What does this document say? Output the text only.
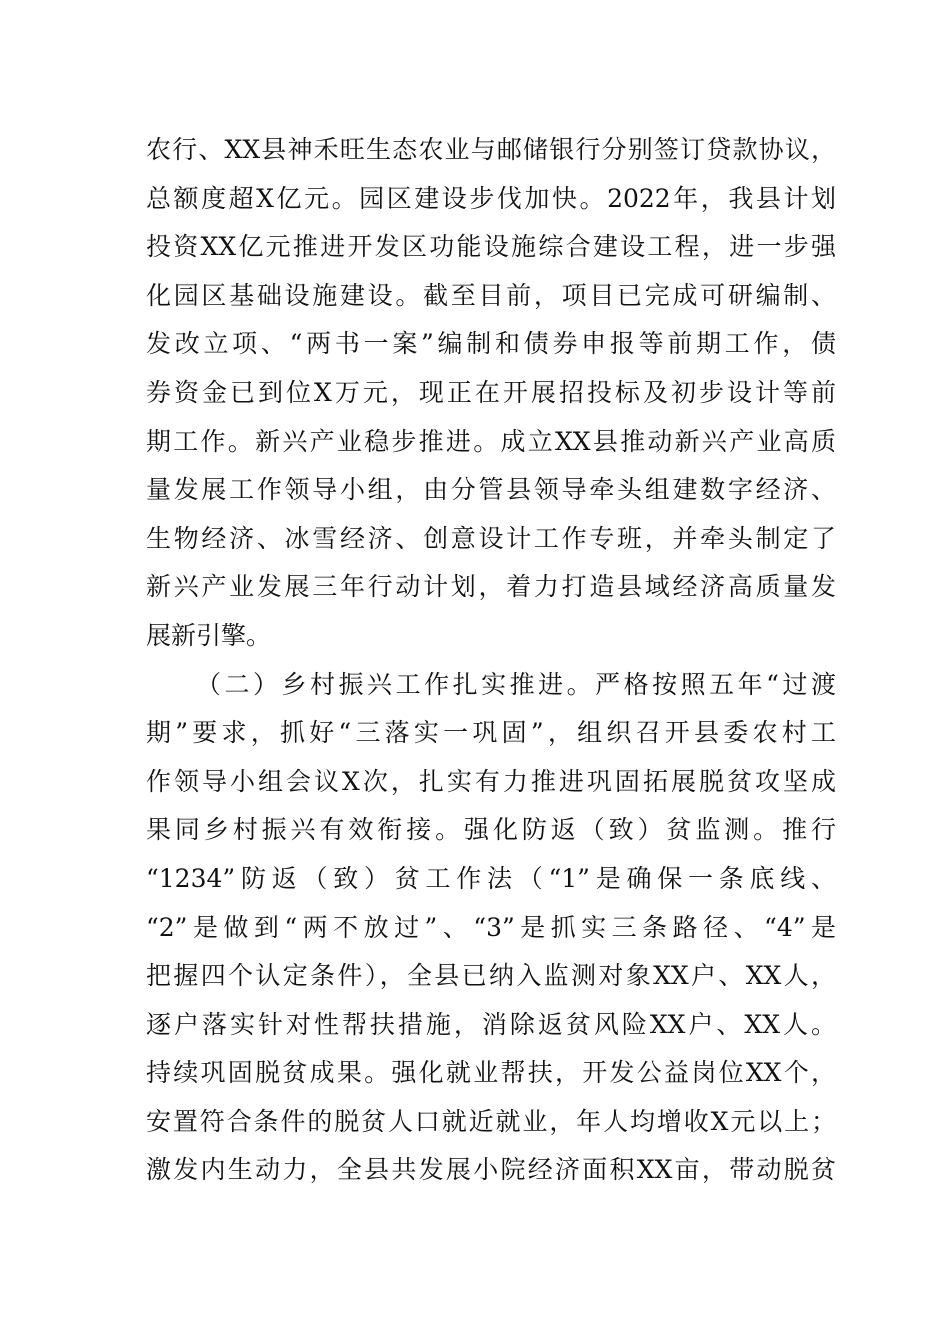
农行、XX县神禾旺生态农业与邮储银行分别签订贷款协议，
总额度超X亿元。园区建设步伐加快。2022年，我县计划
投资XX亿元推进开发区功能设施综合建设工程，进一步强
化园区基础设施建设。截至目前，项目已完成可研编制、
发改立项、“两书一案”编制和债券申报等前期工作，债
券资金已到位X万元，现正在开展招投标及初步设计等前
期工作。新兴产业稳步推进。成立XX县推动新兴产业高质
量发展工作领导小组，由分管县领导牵头组建数字经济、
生物经济、冰雪经济、创意设计工作专班，并牵头制定了
新兴产业发展三年行动计划，着力打造县域经济高质量发
展新引擎。
（二）乡村振兴工作扎实推进。严格按照五年“过渡
期”要求，抓好“三落实一巩固”，组织召开县委农村工
作领导小组会议X次，扎实有力推进巩固拓展脱贫攻坚成
果同乡村振兴有效衔接。强化防返（致）贫监测。推行
“1234”防返（致）贫工作法（“1”是确保一条底线、
“2”是做到“两不放过”、“3”是抓实三条路径、“4”是
把握四个认定条件），全县已纳入监测对象XX户、XX人，
逐户落实针对性帮扶措施，消除返贫风险XX户、XX人。
持续巩固脱贫成果。强化就业帮扶，开发公益岗位XX个，
安置符合条件的脱贫人口就近就业，年人均增收X元以上；
激发内生动力，全县共发展小院经济面积XX亩，带动脱贫
